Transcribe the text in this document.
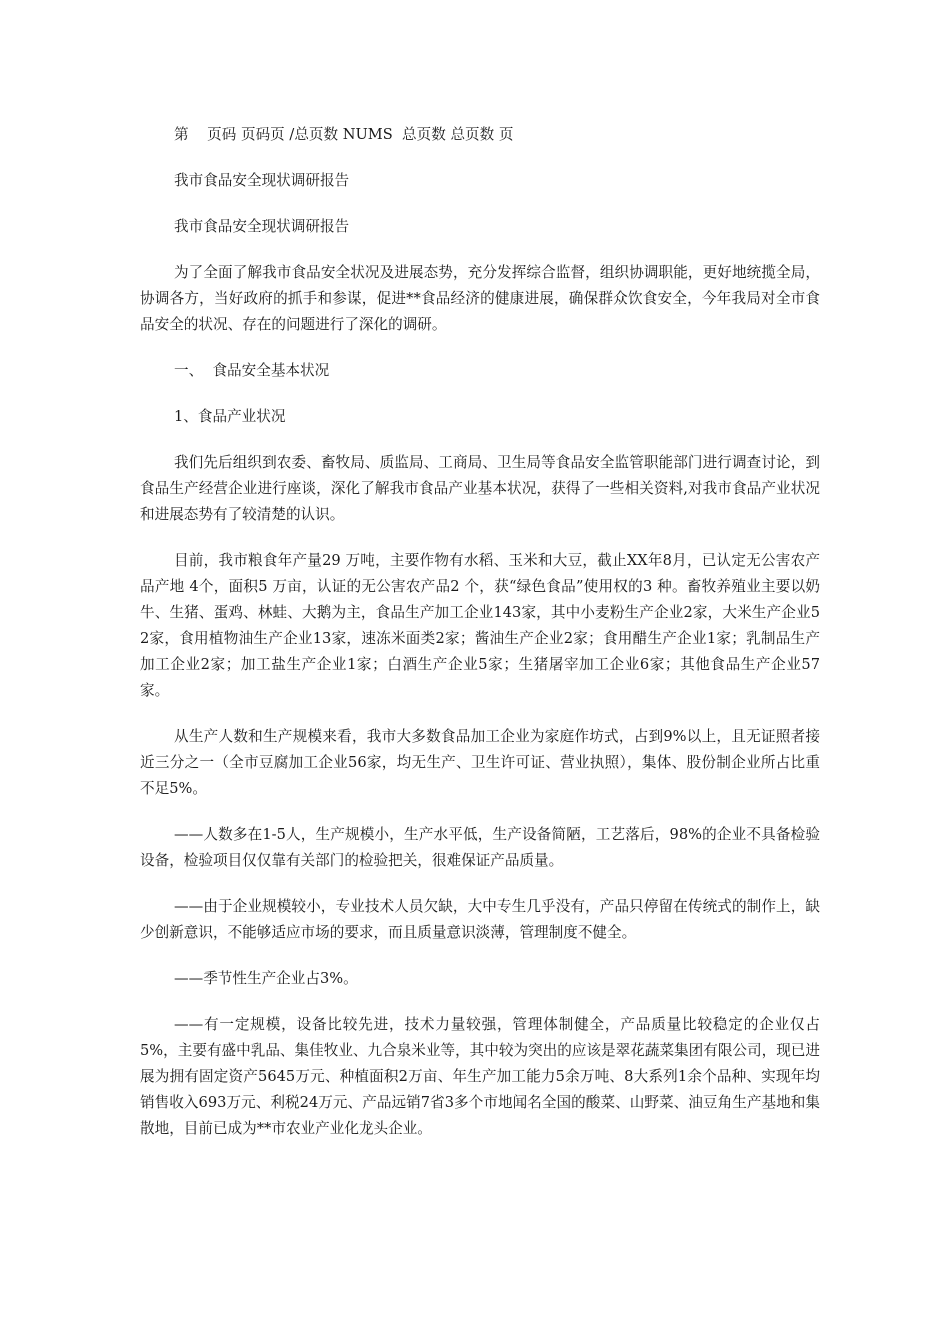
第    页码 页码页 /总页数 NUMS  总页数 总页数 页
我市食品安全现状调研报告
我市食品安全现状调研报告

为了全面了解我市食品安全状况及进展态势，充分发挥综合监督，组织协调职能，更好地统揽全局，协调各方，当好政府的抓手和参谋，促进**食品经济的健康进展，确保群众饮食安全，今年我局对全市食品安全的状况、存在的问题进行了深化的调研。

一、  食品安全基本状况
1、食品产业状况

我们先后组织到农委、畜牧局、质监局、工商局、卫生局等食品安全监管职能部门进行调查讨论，到食品生产经营企业进行座谈，深化了解我市食品产业基本状况，获得了一些相关资料,对我市食品产业状况和进展态势有了较清楚的认识。

目前，我市粮食年产量29 万吨，主要作物有水稻、玉米和大豆，截止XX年8月，已认定无公害农产品产地 4个，面积5 万亩，认证的无公害农产品2 个，获“绿色食品”使用权的3 种。畜牧养殖业主要以奶牛、生猪、蛋鸡、林蛙、大鹅为主，食品生产加工企业143家，其中小麦粉生产企业2家，大米生产企业52家，食用植物油生产企业13家，速冻米面类2家；酱油生产企业2家；食用醋生产企业1家；乳制品生产加工企业2家；加工盐生产企业1家；白酒生产企业5家；生猪屠宰加工企业6家；其他食品生产企业57家。

从生产人数和生产规模来看，我市大多数食品加工企业为家庭作坊式，占到9%以上，且无证照者接近三分之一（全市豆腐加工企业56家，均无生产、卫生许可证、营业执照），集体、股份制企业所占比重不足5%。

——人数多在1-5人，生产规模小，生产水平低，生产设备简陋，工艺落后，98%的企业不具备检验设备，检验项目仅仅靠有关部门的检验把关，很难保证产品质量。

——由于企业规模较小，专业技术人员欠缺，大中专生几乎没有，产品只停留在传统式的制作上，缺少创新意识，不能够适应市场的要求，而且质量意识淡薄，管理制度不健全。

——季节性生产企业占3%。

——有一定规模，设备比较先进，技术力量较强，管理体制健全，产品质量比较稳定的企业仅占5%，主要有盛中乳品、集佳牧业、九合泉米业等，其中较为突出的应该是翠花蔬菜集团有限公司，现已进展为拥有固定资产5645万元、种植面积2万亩、年生产加工能力5余万吨、8大系列1余个品种、实现年均销售收入693万元、利税24万元、产品远销7省3多个市地闻名全国的酸菜、山野菜、油豆角生产基地和集散地，目前已成为**市农业产业化龙头企业。
